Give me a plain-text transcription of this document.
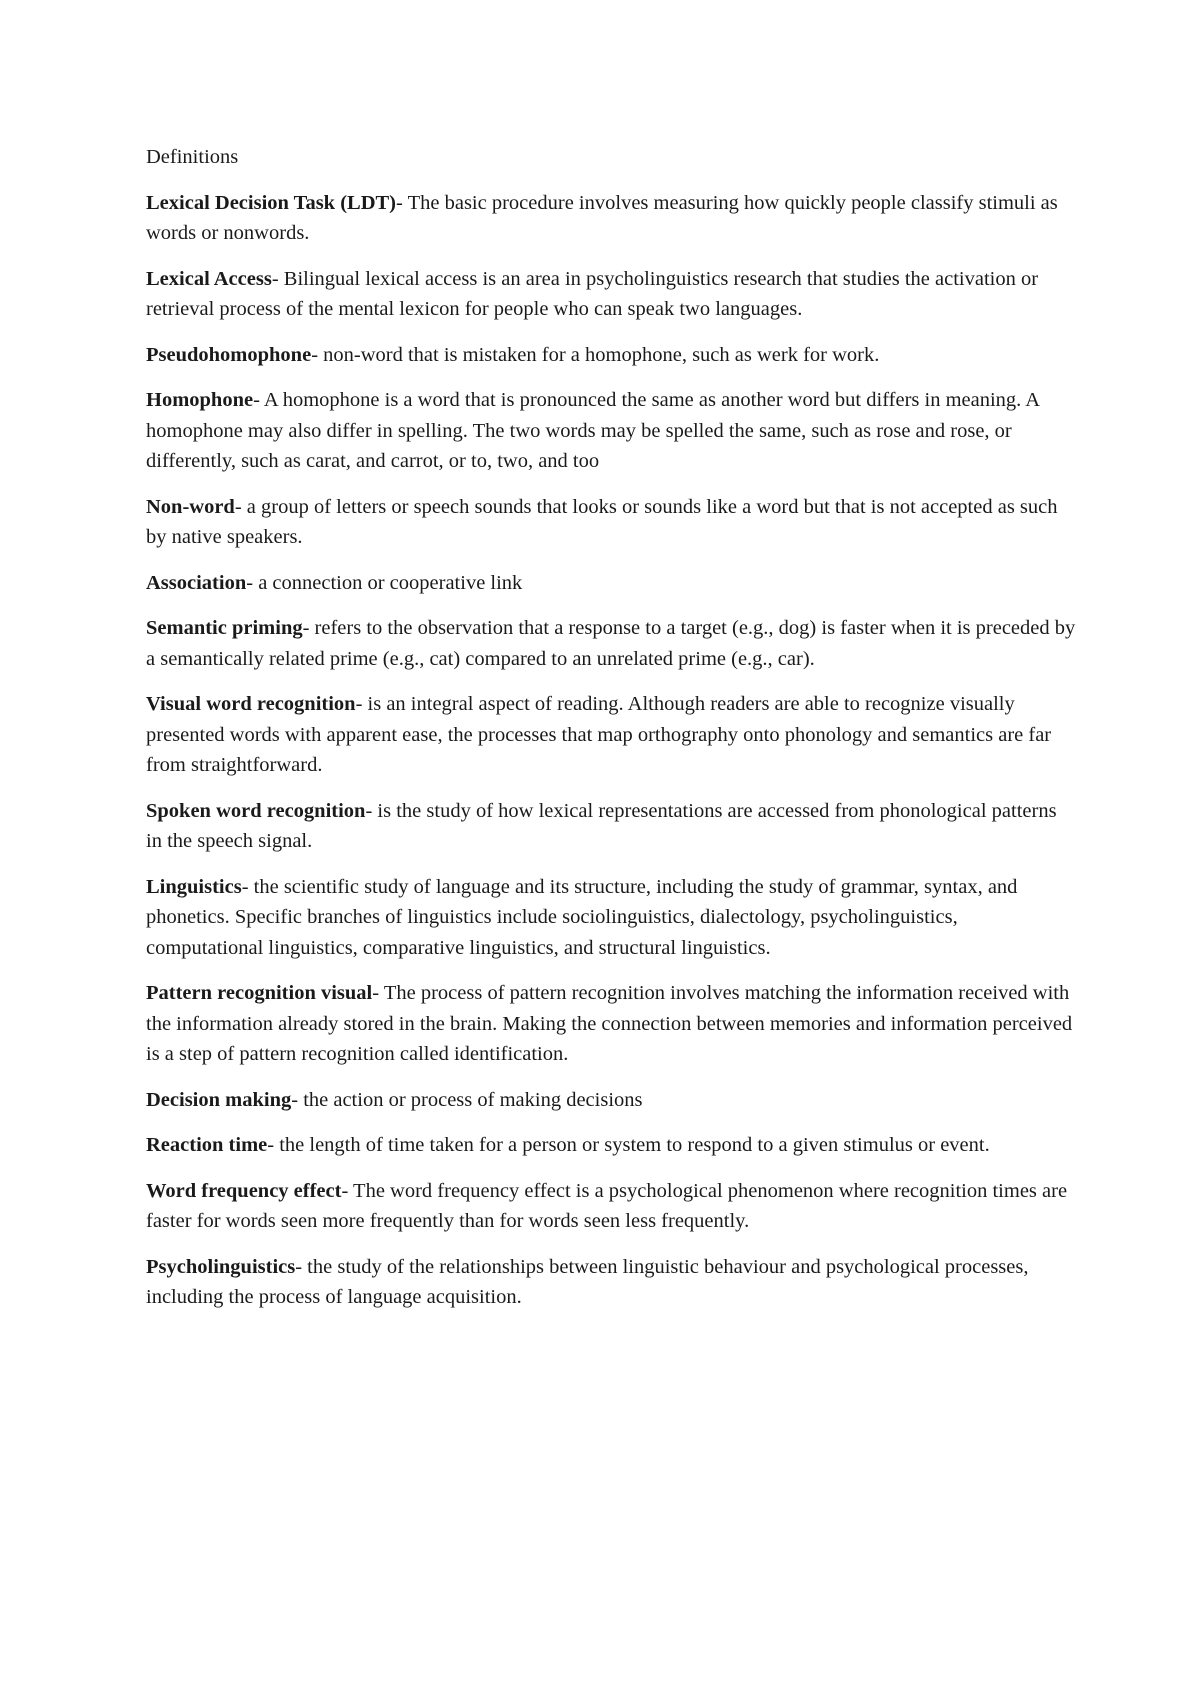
Definitions

Lexical Decision Task (LDT)- The basic procedure involves measuring how quickly people classify stimuli as words or nonwords.

Lexical Access- Bilingual lexical access is an area in psycholinguistics research that studies the activation or retrieval process of the mental lexicon for people who can speak two languages.

Pseudohomophone- non-word that is mistaken for a homophone, such as werk for work.

Homophone- A homophone is a word that is pronounced the same as another word but differs in meaning. A homophone may also differ in spelling. The two words may be spelled the same, such as rose and rose, or differently, such as carat, and carrot, or to, two, and too

Non-word- a group of letters or speech sounds that looks or sounds like a word but that is not accepted as such by native speakers.

Association- a connection or cooperative link

Semantic priming- refers to the observation that a response to a target (e.g., dog) is faster when it is preceded by a semantically related prime (e.g., cat) compared to an unrelated prime (e.g., car).

Visual word recognition- is an integral aspect of reading. Although readers are able to recognize visually presented words with apparent ease, the processes that map orthography onto phonology and semantics are far from straightforward.

Spoken word recognition- is the study of how lexical representations are accessed from phonological patterns in the speech signal.

Linguistics- the scientific study of language and its structure, including the study of grammar, syntax, and phonetics. Specific branches of linguistics include sociolinguistics, dialectology, psycholinguistics, computational linguistics, comparative linguistics, and structural linguistics.

Pattern recognition visual- The process of pattern recognition involves matching the information received with the information already stored in the brain. Making the connection between memories and information perceived is a step of pattern recognition called identification.

Decision making- the action or process of making decisions

Reaction time- the length of time taken for a person or system to respond to a given stimulus or event.

Word frequency effect- The word frequency effect is a psychological phenomenon where recognition times are faster for words seen more frequently than for words seen less frequently.

Psycholinguistics- the study of the relationships between linguistic behaviour and psychological processes, including the process of language acquisition.
